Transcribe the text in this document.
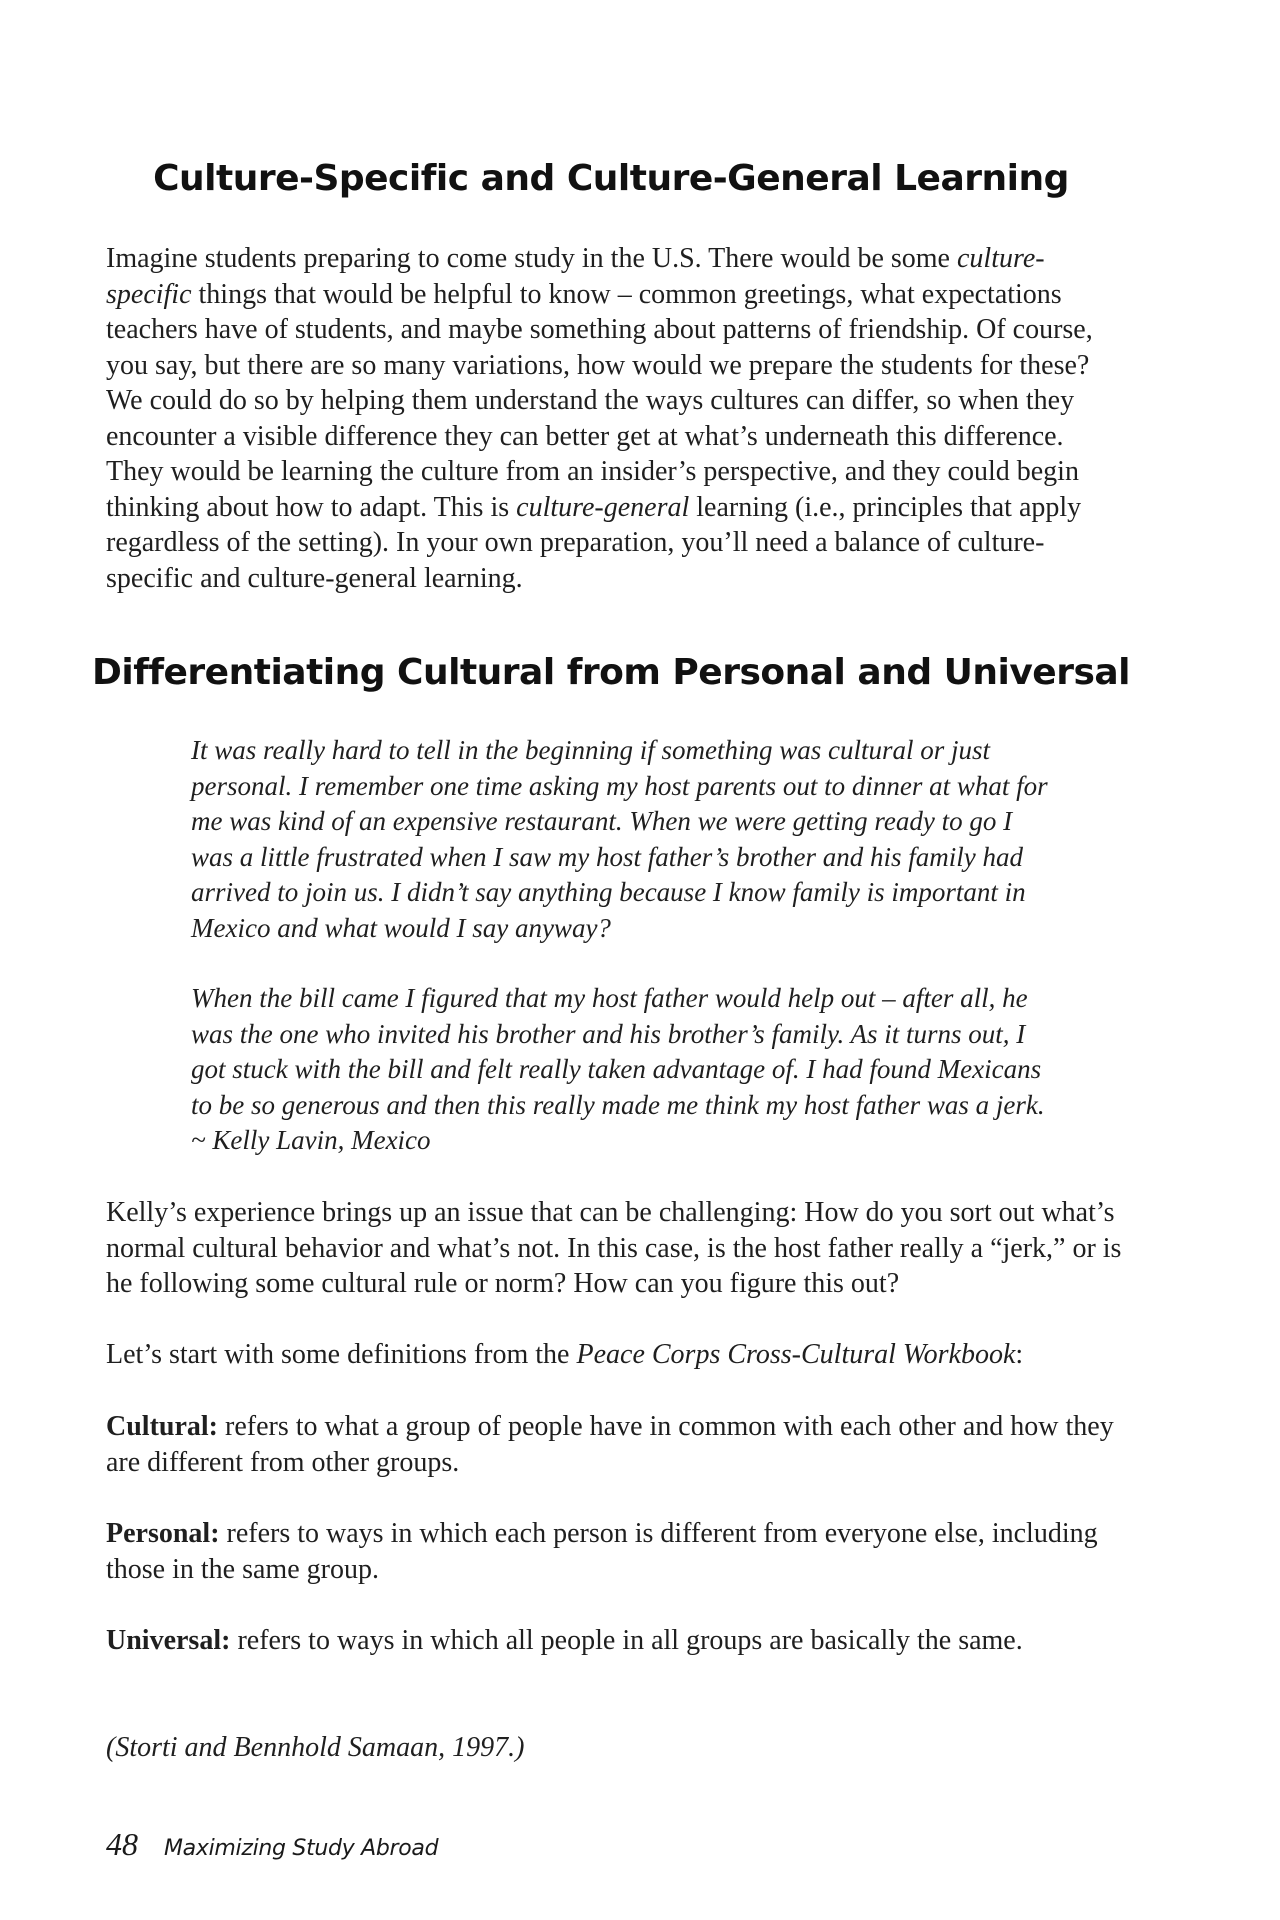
Culture-Specific and Culture-General Learning

Imagine students preparing to come study in the U.S. There would be some culture-specific things that would be helpful to know – common greetings, what expectations teachers have of students, and maybe something about patterns of friendship. Of course, you say, but there are so many variations, how would we prepare the students for these? We could do so by helping them understand the ways cultures can differ, so when they encounter a visible difference they can better get at what’s underneath this difference. They would be learning the culture from an insider’s perspective, and they could begin thinking about how to adapt. This is culture-general learning (i.e., principles that apply regardless of the setting). In your own preparation, you’ll need a balance of culture-specific and culture-general learning.

Differentiating Cultural from Personal and Universal

It was really hard to tell in the beginning if something was cultural or just personal. I remember one time asking my host parents out to dinner at what for me was kind of an expensive restaurant. When we were getting ready to go I was a little frustrated when I saw my host father’s brother and his family had arrived to join us. I didn’t say anything because I know family is important in Mexico and what would I say anyway?

When the bill came I figured that my host father would help out – after all, he was the one who invited his brother and his brother’s family. As it turns out, I got stuck with the bill and felt really taken advantage of. I had found Mexicans to be so generous and then this really made me think my host father was a jerk. ~ Kelly Lavin, Mexico

Kelly’s experience brings up an issue that can be challenging: How do you sort out what’s normal cultural behavior and what’s not. In this case, is the host father really a “jerk,” or is he following some cultural rule or norm? How can you figure this out?

Let’s start with some definitions from the Peace Corps Cross-Cultural Workbook:

Cultural: refers to what a group of people have in common with each other and how they are different from other groups.

Personal: refers to ways in which each person is different from everyone else, including those in the same group.

Universal: refers to ways in which all people in all groups are basically the same.

(Storti and Bennhold Samaan, 1997.)

48 Maximizing Study Abroad
